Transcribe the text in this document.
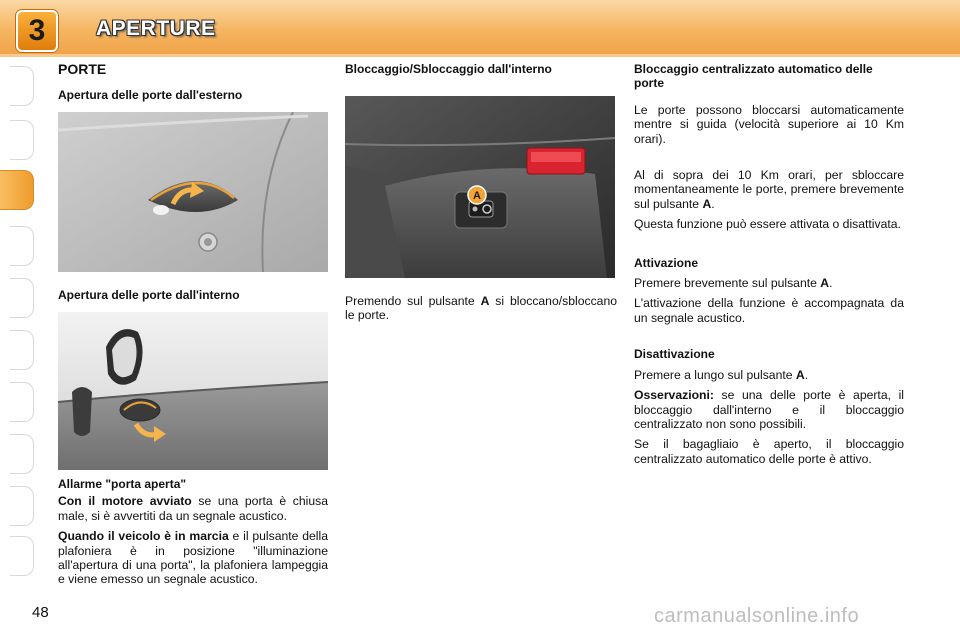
3	APERTURE
PORTE
Apertura delle porte dall'esterno
Apertura delle porte dall'interno
Allarme "porta aperta"

Con il motore avviato se una porta è chiusa male, si è avvertiti da un segnale acustico.

Quando il veicolo è in marcia e il pulsante della plafoniera è in posizione "illuminazione all'apertura di una porta", la plafoniera lampeggia e viene emesso un segnale acustico.

Bloccaggio/Sbloccaggio dall'interno
A

Premendo sul pulsante A si bloccano/sbloccano le porte.

Bloccaggio centralizzato automatico delle porte

Le porte possono bloccarsi automaticamente mentre si guida (velocità superiore ai 10 Km orari).

Al di sopra dei 10 Km orari, per sbloccare momentaneamente le porte, premere brevemente sul pulsante A.

Questa funzione può essere attivata o disattivata.

Attivazione

Premere brevemente sul pulsante A.

L'attivazione della funzione è accompagnata da un segnale acustico.

Disattivazione

Premere a lungo sul pulsante A.

Osservazioni: se una delle porte è aperta, il bloccaggio dall'interno e il bloccaggio centralizzato non sono possibili.

Se il bagagliaio è aperto, il bloccaggio centralizzato automatico delle porte è attivo.

48	carmanualsonline.info
